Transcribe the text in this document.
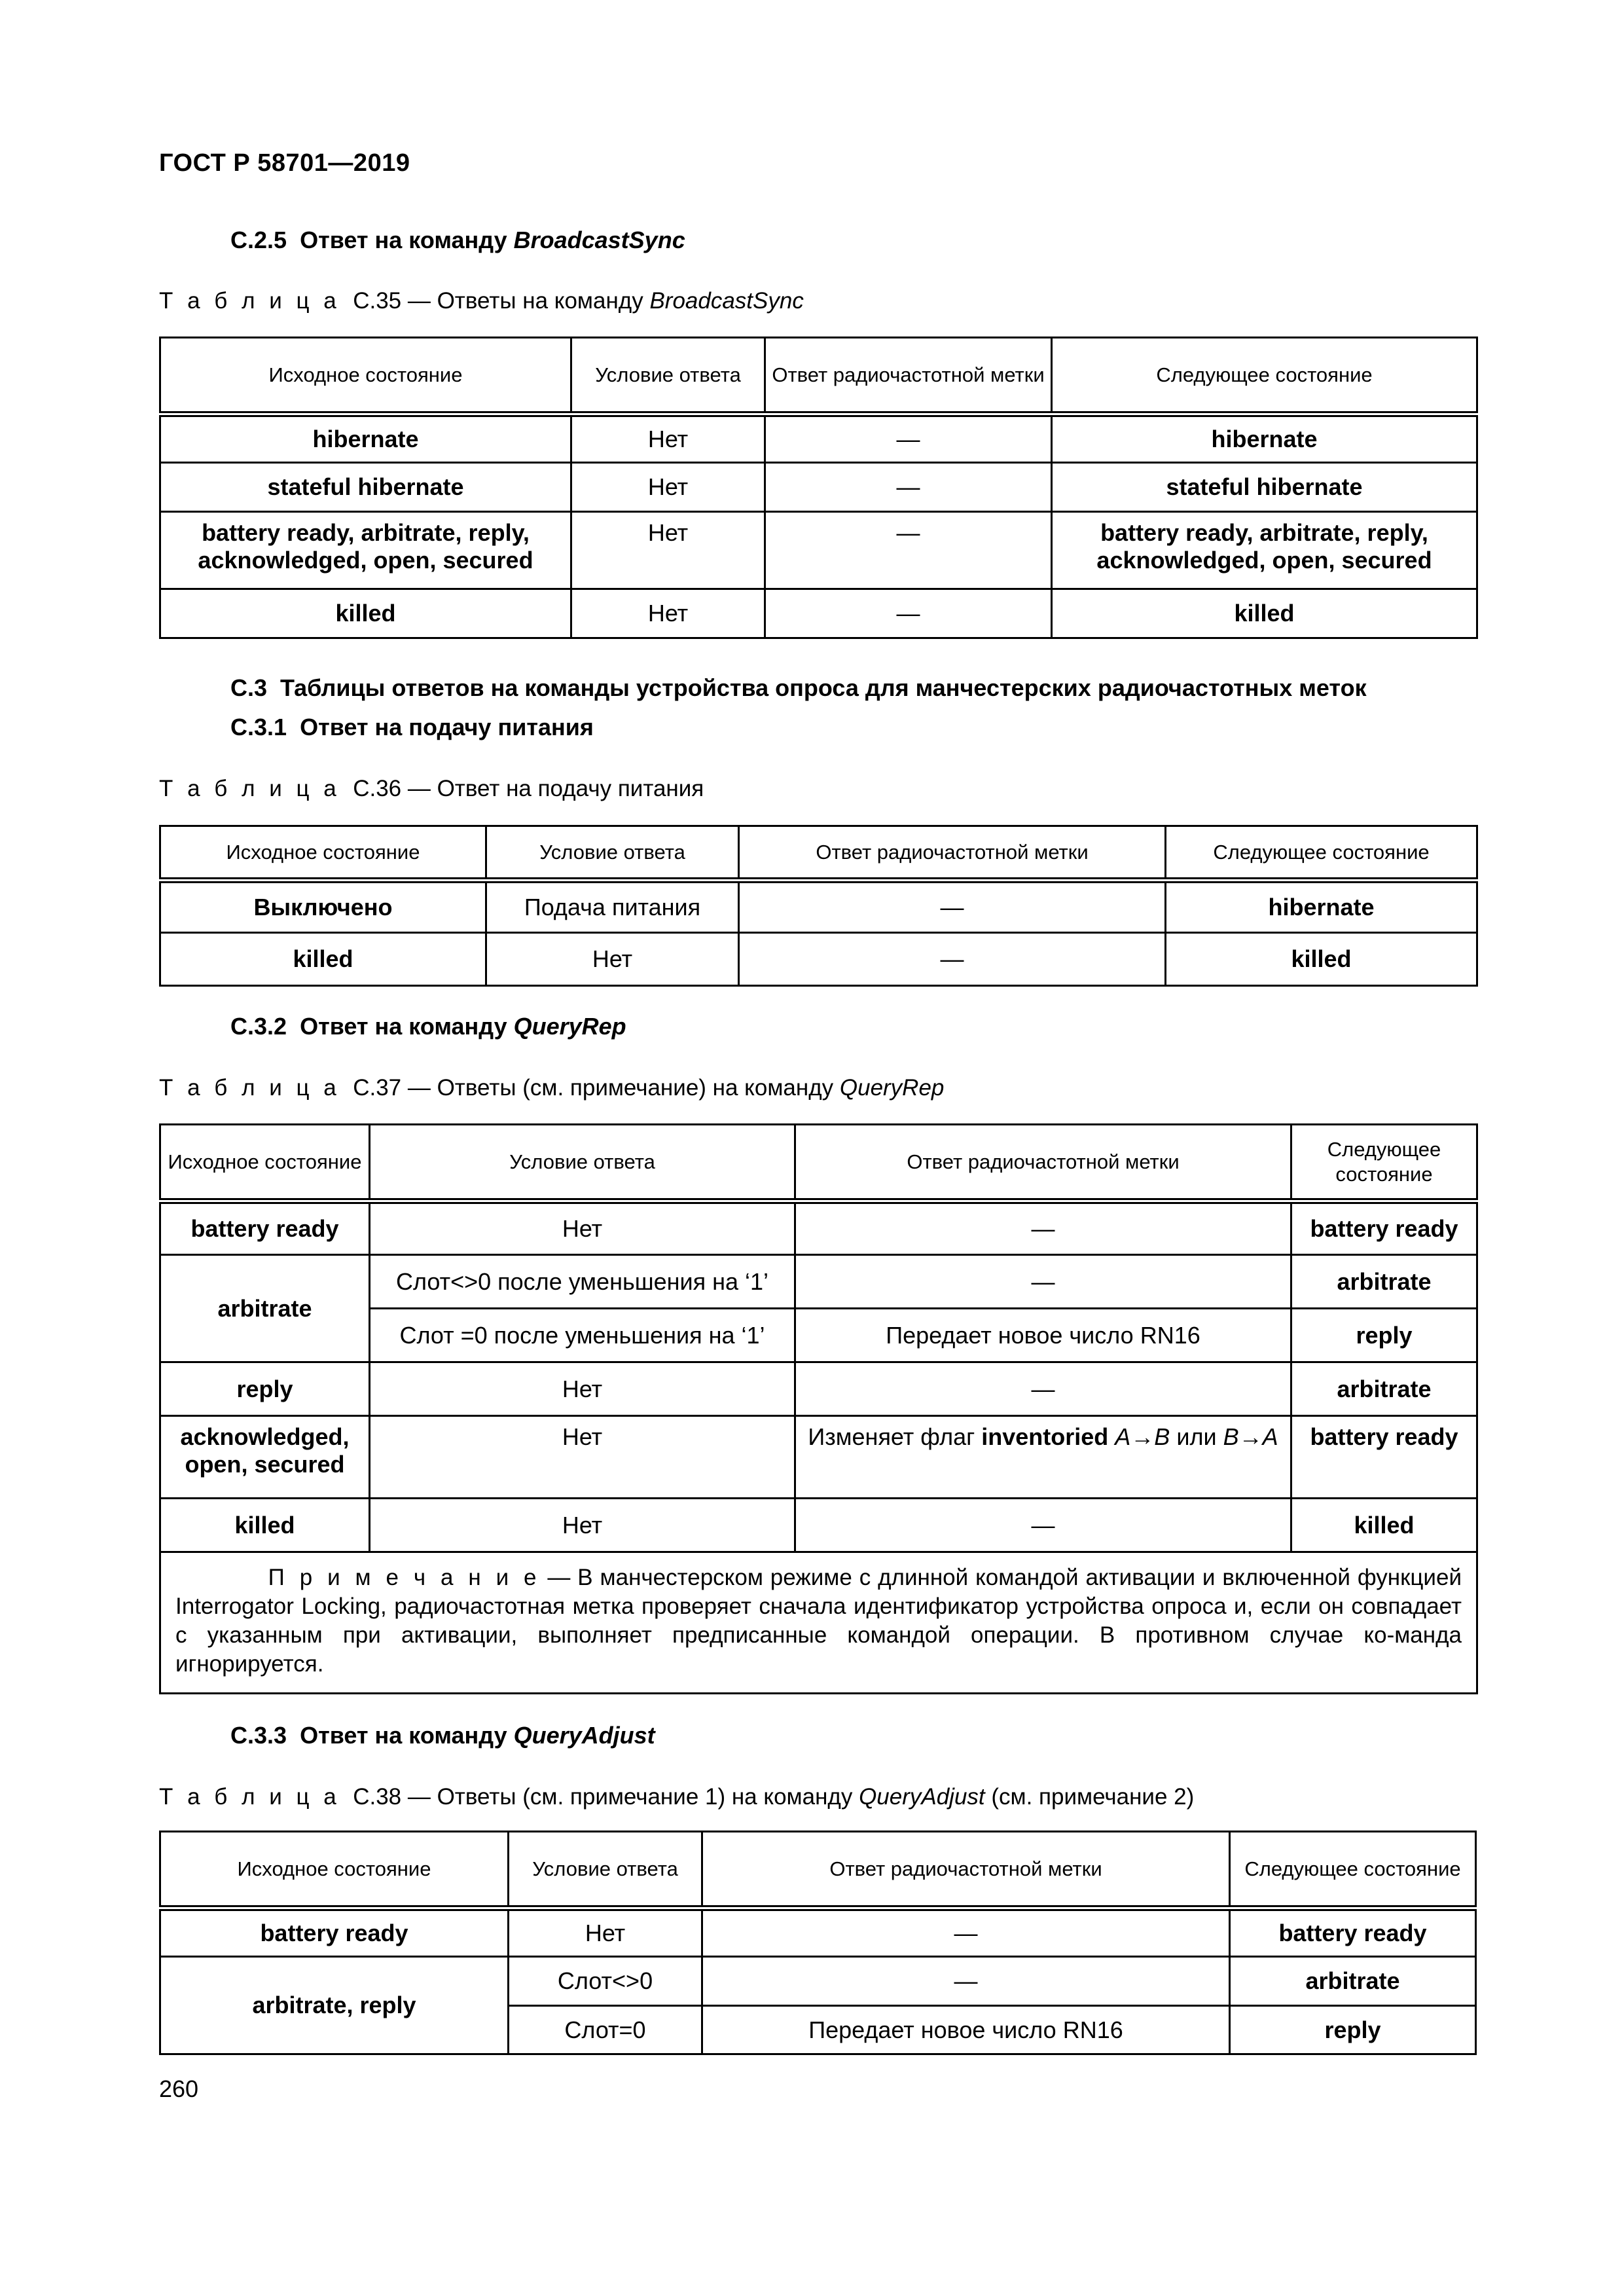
ГОСТ Р 58701—2019
C.2.5 Ответ на команду BroadcastSync
Т а б л и ц а C.35 — Ответы на команду BroadcastSync
Исходное состояние	Условие ответа	Ответ радиочастотной метки	Следующее состояние
hibernate	Нет	—	hibernate
stateful hibernate	Нет	—	stateful hibernate
battery ready, arbitrate, reply, acknowledged, open, secured	Нет	—	battery ready, arbitrate, reply, acknowledged, open, secured
killed	Нет	—	killed
C.3 Таблицы ответов на команды устройства опроса для манчестерских радиочастотных меток
C.3.1 Ответ на подачу питания
Т а б л и ц а C.36 — Ответ на подачу питания
Исходное состояние	Условие ответа	Ответ радиочастотной метки	Следующее состояние
Выключено	Подача питания	—	hibernate
killed	Нет	—	killed
C.3.2 Ответ на команду QueryRep
Т а б л и ц а C.37 — Ответы (см. примечание) на команду QueryRep
Исходное состояние	Условие ответа	Ответ радиочастотной метки	Следующее состояние
battery ready	Нет	—	battery ready
arbitrate	Слот<>0 после уменьшения на ‘1’	—	arbitrate
	Слот =0 после уменьшения на ‘1’	Передает новое число RN16	reply
reply	Нет	—	arbitrate
acknowledged, open, secured	Нет	Изменяет флаг inventoried A→B или B→A	battery ready
killed	Нет	—	killed
П р и м е ч а н и е — В манчестерском режиме с длинной командой активации и включенной функцией Interrogator Locking, радиочастотная метка проверяет сначала идентификатор устройства опроса и, если он совпадает с указанным при активации, выполняет предписанные командой операции. В противном случае ко-манда игнорируется.			
C.3.3 Ответ на команду QueryAdjust
Т а б л и ц а C.38 — Ответы (см. примечание 1) на команду QueryAdjust (см. примечание 2)
Исходное состояние	Условие ответа	Ответ радиочастотной метки	Следующее состояние
battery ready	Нет	—	battery ready
arbitrate, reply	Слот<>0	—	arbitrate
	Слот=0	Передает новое число RN16	reply
260
